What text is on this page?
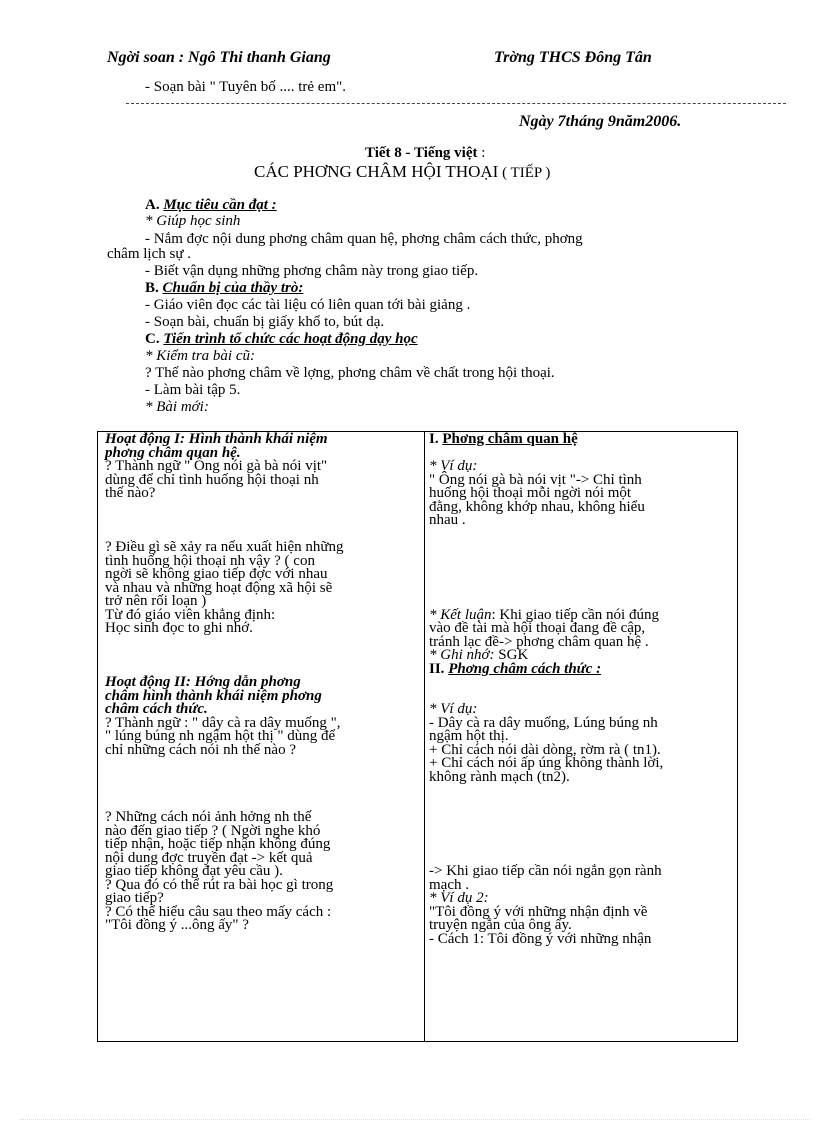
Ngời soan : Ngô Thi thanh Giang	Trờng THCS Đông Tân
- Soạn bài " Tuyên bố .... trẻ em".
Ngày 7tháng 9năm2006.
Tiết 8 - Tiếng việt :
CÁC PHƠNG CHÂM HỘI THOẠI ( TIẾP )
A. Mục tiêu cần đạt :
* Giúp học sinh
- Nắm đợc nội dung phơng châm quan hệ, phơng châm cách thức, phơng
châm lịch sự .
- Biết vận dụng những phơng châm này trong giao tiếp.
B. Chuẩn bị của thầy trò:
- Giáo viên đọc các tài liệu có liên quan tới bài giảng .
- Soạn bài, chuẩn bị giấy khổ to, bút dạ.
C. Tiến trình tổ chức các hoạt động dạy học
* Kiểm tra bài cũ:
? Thế nào phơng châm về lợng, phơng châm về chất trong hội thoại.
- Làm bài tập 5.
* Bài mới:
Hoạt động I: Hình thành khái niệm
phơng châm quan hệ.
? Thành ngữ " Ông nói gà bà nói vịt"
dùng để chỉ tình huống hội thoại nh
thế nào?
? Điều gì sẽ xảy ra nếu xuất hiện những
tình huống hội thoại nh vậy ? ( con
ngời sẽ không giao tiếp đợc với nhau
và nhau và những hoạt động xã hội sẽ
trở nên rối loạn )
Từ đó giáo viên khẳng định:
Học sinh đọc to ghi nhớ.
Hoạt động II: Hớng dẫn phơng
châm hình thành khái niệm phơng
châm cách thức.
? Thành ngữ : " dây cà ra dây muống ",
" lúng búng nh ngậm hột thị " dùng để
chỉ những cách nói nh thế nào ?
? Những cách nói ảnh hởng nh thế
nào đến giao tiếp ? ( Ngời nghe khó
tiếp nhận, hoặc tiếp nhận không đúng
nội dung đợc truyền đạt -> kết quả
giao tiếp không đạt yêu cầu ).
? Qua đó có thể rút ra bài học gì trong
giao tiếp?
? Có thể hiểu câu sau theo mấy cách :
"Tôi đồng ý ...ông ấy" ?
I. Phơng châm quan hệ
* Ví dụ:
" Ông nói gà bà nói vịt "-> Chỉ tình
huống hội thoại mỗi ngời nói một
đằng, không khớp nhau, không hiểu
nhau .
* Kết luận: Khi giao tiếp cần nói đúng
vào đề tài mà hội thoại đang đề cập,
tránh lạc đề-> phơng châm quan hệ .
* Ghi nhớ: SGK
II. Phơng châm cách thức :
* Ví dụ:
- Dây cà ra dây muống, Lúng búng nh
ngậm hột thị.
+ Chỉ cách nói dài dòng, rờm rà ( tn1).
+ Chỉ cách nói ấp úng không thành lời,
không rành mạch (tn2).
-> Khi giao tiếp cần nói ngắn gọn rành
mạch .
* Ví dụ 2:
"Tôi đồng ý với những nhận định về
truyện ngắn của ông ấy.
- Cách 1: Tôi đồng ý với những nhận
